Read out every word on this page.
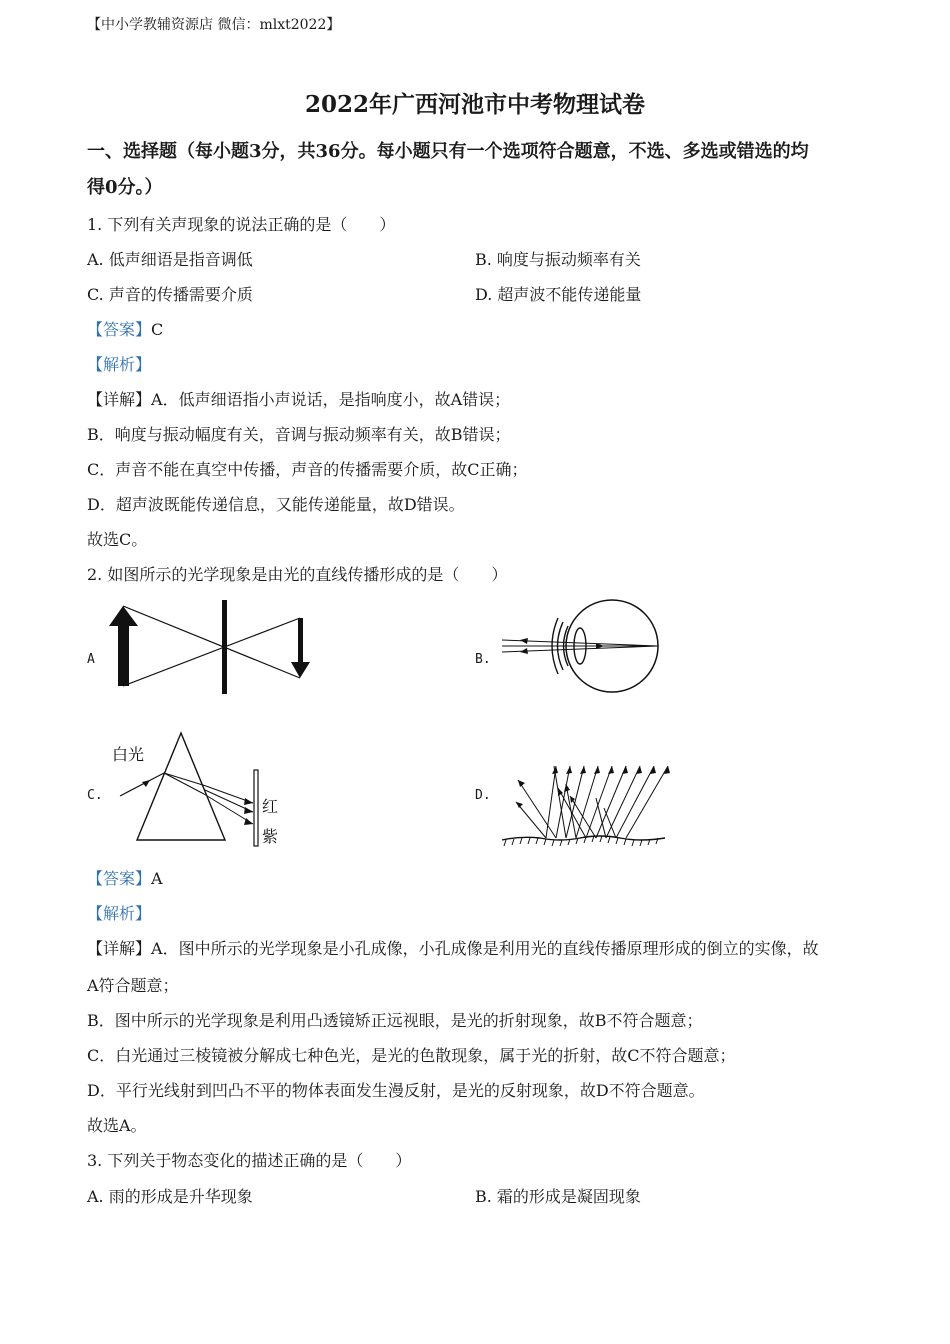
【中小学教辅资源店 微信：mlxt2022】
2022年广西河池市中考物理试卷
一、选择题（每小题3分，共36分。每小题只有一个选项符合题意，不选、多选或错选的均
得0分。）
1. 下列有关声现象的说法正确的是（　　）
A. 低声细语是指音调低	B. 响度与振动频率有关
C. 声音的传播需要介质	D. 超声波不能传递能量
【答案】C
【解析】
【详解】A．低声细语指小声说话，是指响度小，故A错误；
B．响度与振动幅度有关，音调与振动频率有关，故B错误；
C．声音不能在真空中传播，声音的传播需要介质，故C正确；
D．超声波既能传递信息，又能传递能量，故D错误。
故选C。
2. 如图所示的光学现象是由光的直线传播形成的是（　　）
A	B.
C.
白光
红
紫
D.
【答案】A
【解析】
【详解】A．图中所示的光学现象是小孔成像，小孔成像是利用光的直线传播原理形成的倒立的实像，故
A符合题意；
B．图中所示的光学现象是利用凸透镜矫正远视眼，是光的折射现象，故B不符合题意；
C．白光通过三棱镜被分解成七种色光，是光的色散现象，属于光的折射，故C不符合题意；
D．平行光线射到凹凸不平的物体表面发生漫反射，是光的反射现象，故D不符合题意。
故选A。
3. 下列关于物态变化的描述正确的是（　　）
A. 雨的形成是升华现象	B. 霜的形成是凝固现象
